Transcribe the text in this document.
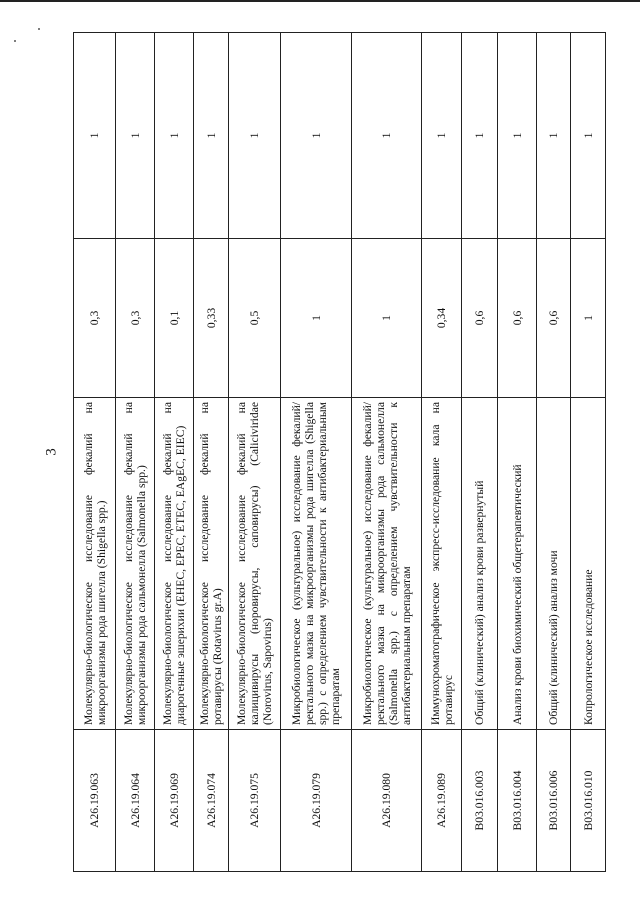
3
A26.19.063	Молекулярно-биологическое исследование фекалий на микроорганизмы рода шигелла (Shigella spp.)	0,3	1
A26.19.064	Молекулярно-биологическое исследование фекалий на микроорганизмы рода сальмонелла (Salmonella spp.)	0,3	1
A26.19.069	Молекулярно-биологическое исследование фекалий на диарогенные эшерихии (EHEC, EPEC, ETEC, EAgEC, EIEC)	0,1	1
A26.19.074	Молекулярно-биологическое исследование фекалий на ротавирусы (Rotavirus gr.A)	0,33	1
A26.19.075	Молекулярно-биологическое исследование фекалий на калицивирусы (норовирусы, саповирусы) (Caliciviridae (Norovirus, Sapovirus)	0,5	1
A26.19.079	Микробиологическое (культуральное) исследование фекалий/ректального мазка на микроорганизмы рода шигелла (Shigella spp.) с определением чувствительности к антибактериальным препаратам	1	1
A26.19.080	Микробиологическое (культуральное) исследование фекалий/ректального мазка на микроорганизмы рода сальмонелла (Salmonella spp.) с определением чувствительности к антибактериальным препаратам	1	1
A26.19.089	Иммунохроматографическое экспресс-исследование кала на ротавирус	0,34	1
B03.016.003	Общий (клинический) анализ крови развернутый	0,6	1
B03.016.004	Анализ крови биохимический общетерапевтический	0,6	1
B03.016.006	Общий (клинический) анализ мочи	0,6	1
B03.016.010	Копрологическое исследование	1	1
